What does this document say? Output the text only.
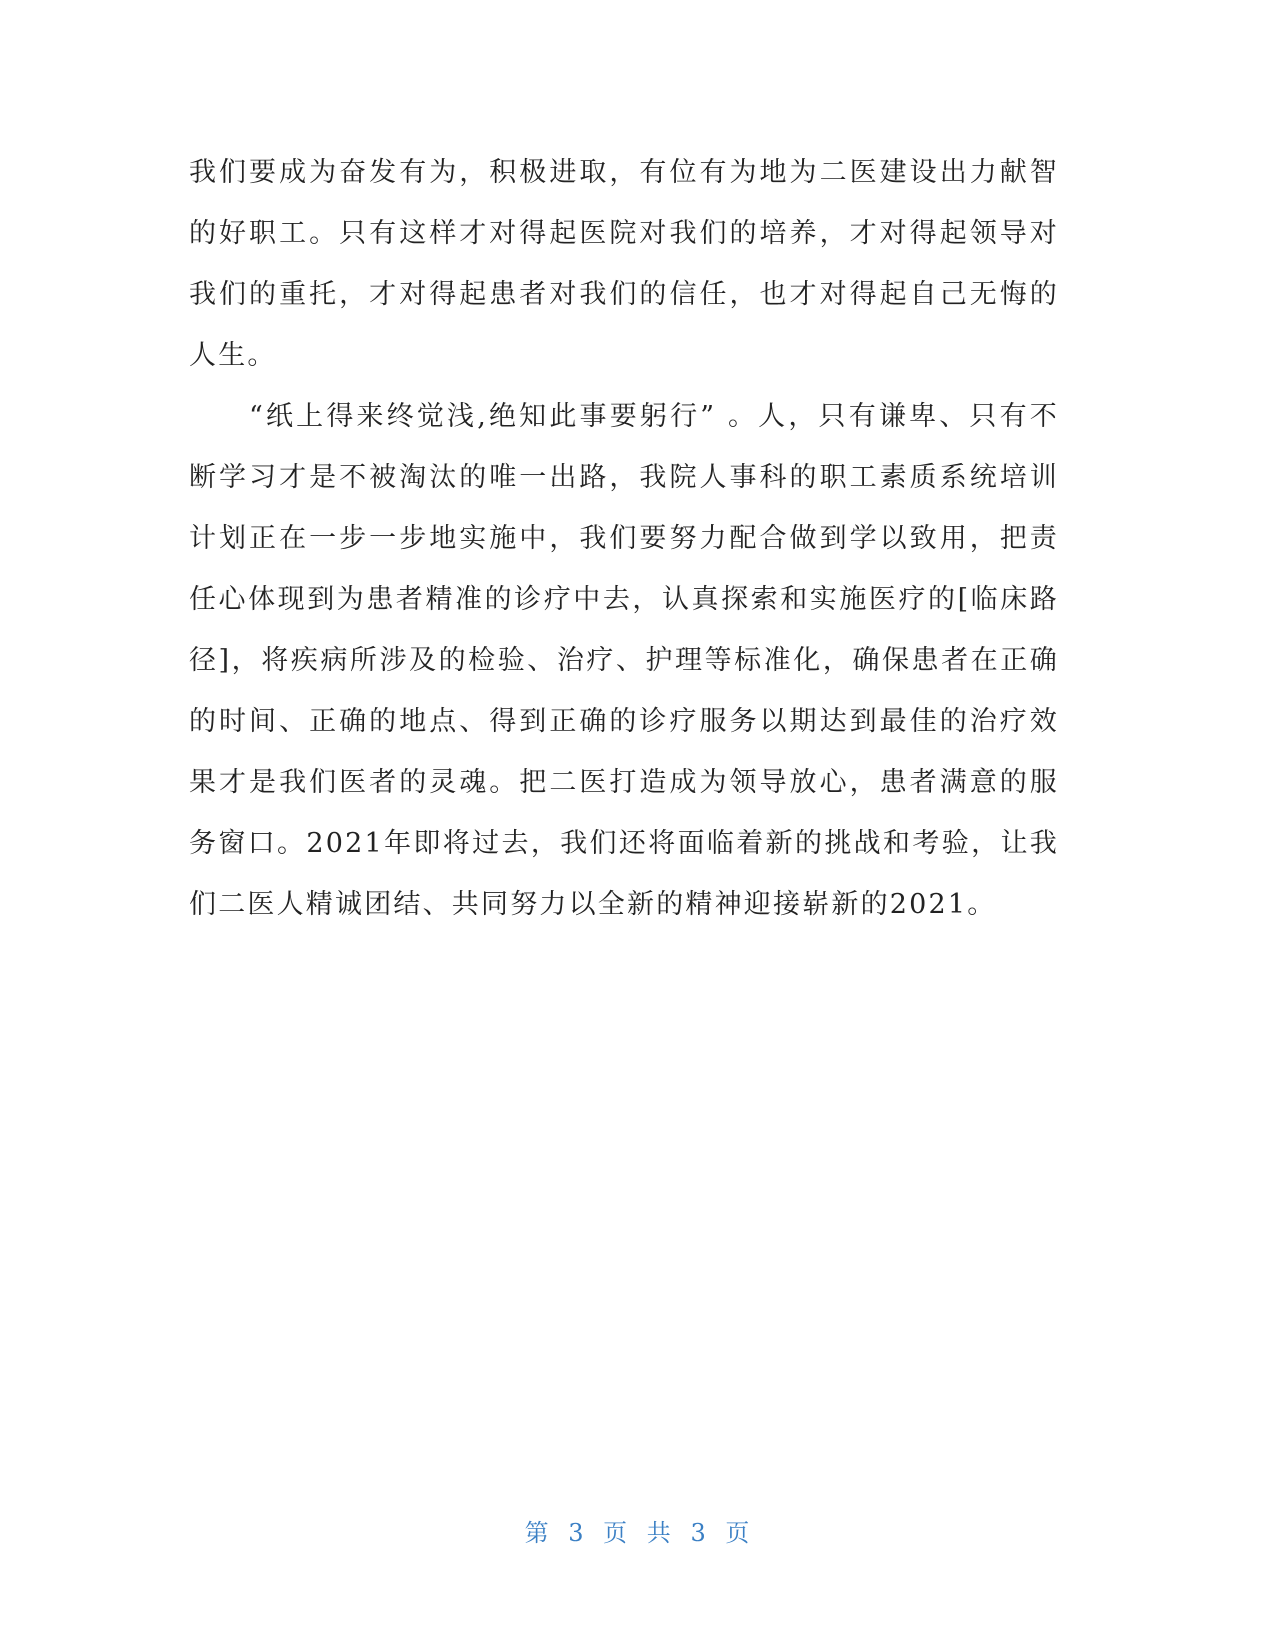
我们要成为奋发有为，积极进取，有位有为地为二医建设出力献智的好职工。只有这样才对得起医院对我们的培养，才对得起领导对我们的重托，才对得起患者对我们的信任，也才对得起自己无悔的人生。

“纸上得来终觉浅,绝知此事要躬行” 。人，只有谦卑、只有不断学习才是不被淘汰的唯一出路，我院人事科的职工素质系统培训计划正在一步一步地实施中，我们要努力配合做到学以致用，把责任心体现到为患者精准的诊疗中去，认真探索和实施医疗的[临床路径]，将疾病所涉及的检验、治疗、护理等标准化，确保患者在正确的时间、正确的地点、得到正确的诊疗服务以期达到最佳的治疗效果才是我们医者的灵魂。把二医打造成为领导放心，患者满意的服务窗口。2021年即将过去，我们还将面临着新的挑战和考验，让我们二医人精诚团结、共同努力以全新的精神迎接崭新的2021。

第 3 页 共 3 页
